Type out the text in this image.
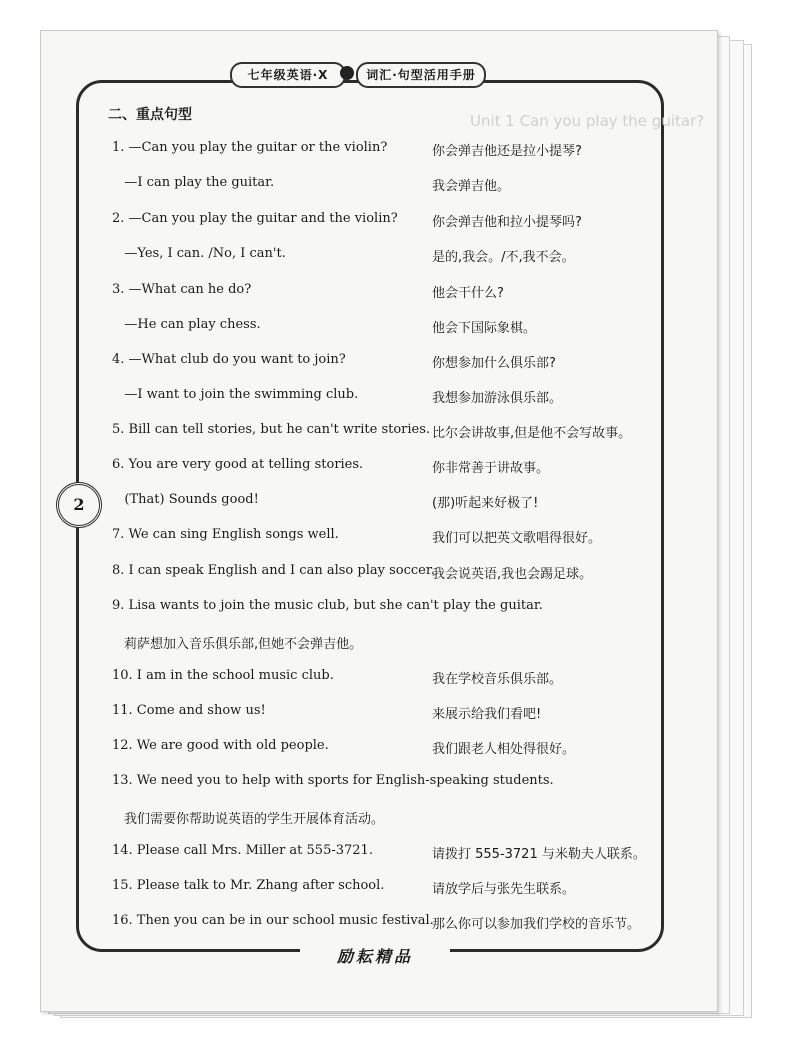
Unit 1 Can you play the guitar?
七年级英语·X	词汇·句型活用手册
二、重点句型
1. —Can you play the guitar or the violin?	你会弹吉他还是拉小提琴?
—I can play the guitar.	我会弹吉他。
2. —Can you play the guitar and the violin?	你会弹吉他和拉小提琴吗?
—Yes, I can. /No, I can't.	是的,我会。/不,我不会。
3. —What can he do?	他会干什么?
—He can play chess.	他会下国际象棋。
4. —What club do you want to join?	你想参加什么俱乐部?
—I want to join the swimming club.	我想参加游泳俱乐部。
5. Bill can tell stories, but he can't write stories. 比尔会讲故事,但是他不会写故事。
6. You are very good at telling stories.	你非常善于讲故事。
(That) Sounds good!	(那)听起来好极了!
7. We can sing English songs well.	我们可以把英文歌唱得很好。
8. I can speak English and I can also play soccer.
我会说英语,我也会踢足球。
9. Lisa wants to join the music club, but she can't play the guitar.
莉萨想加入音乐俱乐部,但她不会弹吉他。
10. I am in the school music club.	我在学校音乐俱乐部。
11. Come and show us!	来展示给我们看吧!
12. We are good with old people.	我们跟老人相处得很好。
13. We need you to help with sports for English-speaking students.
我们需要你帮助说英语的学生开展体育活动。
14. Please call Mrs. Miller at 555-3721.	请拨打 555-3721 与米勒夫人联系。
15. Please talk to Mr. Zhang after school.	请放学后与张先生联系。
16. Then you can be in our school music festival.
那么你可以参加我们学校的音乐节。
2
励耘精品
